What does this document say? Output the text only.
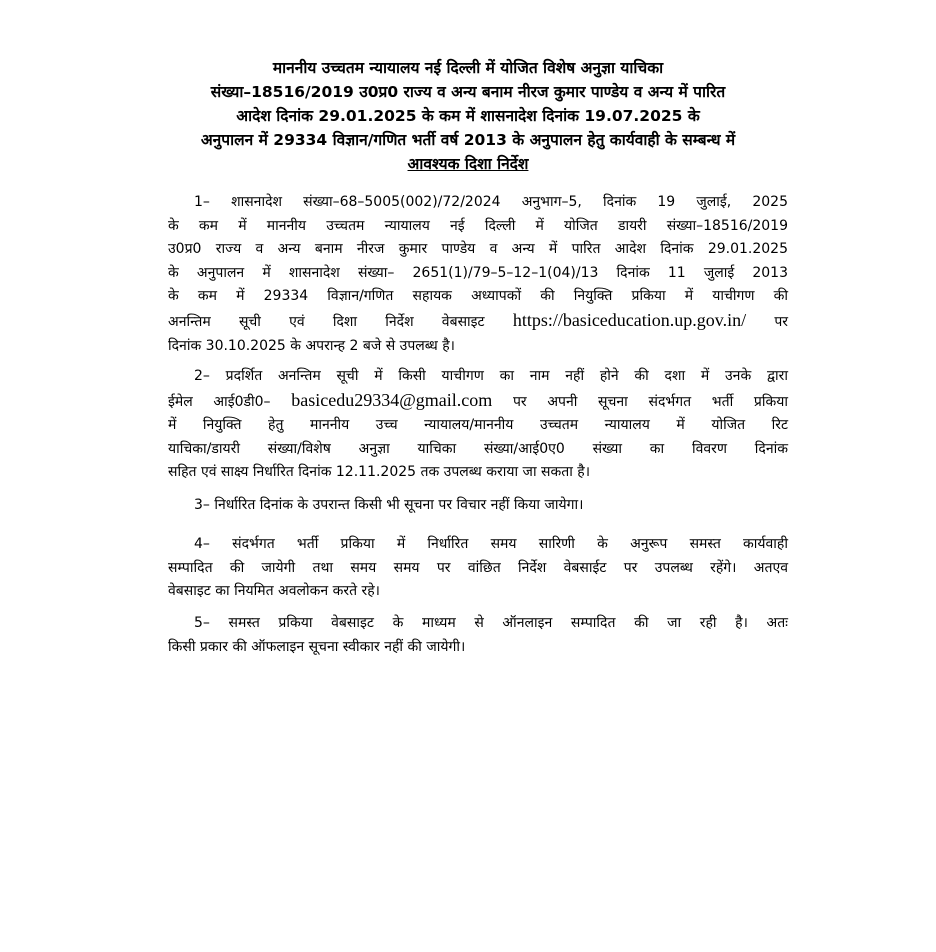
माननीय उच्चतम न्यायालय नई दिल्ली में योजित विशेष अनुज्ञा याचिका
संख्या–18516/2019 उ0प्र0 राज्य व अन्य बनाम नीरज कुमार पाण्डेय व अन्य में पारित
आदेश दिनांक 29.01.2025 के कम में शासनादेश दिनांक 19.07.2025 के
अनुपालन में 29334 विज्ञान/गणित भर्ती वर्ष 2013 के अनुपालन हेतु कार्यवाही के सम्बन्ध में
आवश्यक दिशा निर्देश
1– शासनादेश संख्या–68–5005(002)/72/2024 अनुभाग–5, दिनांक 19 जुलाई, 2025
के कम में माननीय उच्चतम न्यायालय नई दिल्ली में योजित डायरी संख्या–18516/2019
उ0प्र0 राज्य व अन्य बनाम नीरज कुमार पाण्डेय व अन्य में पारित आदेश दिनांक 29.01.2025
के अनुपालन में शासनादेश संख्या– 2651(1)/79–5–12–1(04)/13 दिनांक 11 जुलाई 2013
के कम में 29334 विज्ञान/गणित सहायक अध्यापकों की नियुक्ति प्रकिया में याचीगण की
अनन्तिम सूची एवं दिशा निर्देश वेबसाइट https://basiceducation.up.gov.in/ पर
दिनांक 30.10.2025 के अपरान्ह 2 बजे से उपलब्ध है।
2– प्रदर्शित अनन्तिम सूची में किसी याचीगण का नाम नहीं होने की दशा में उनके द्वारा
ईमेल आई0डी0– basicedu29334@gmail.com पर अपनी सूचना संदर्भगत भर्ती प्रकिया
में नियुक्ति हेतु माननीय उच्च न्यायालय/माननीय उच्चतम न्यायालय में योजित रिट
याचिका/डायरी संख्या/विशेष अनुज्ञा याचिका संख्या/आई0ए0 संख्या का विवरण दिनांक
सहित एवं साक्ष्य निर्धारित दिनांक 12.11.2025 तक उपलब्ध कराया जा सकता है।
3– निर्धारित दिनांक के उपरान्त किसी भी सूचना पर विचार नहीं किया जायेगा।
4– संदर्भगत भर्ती प्रकिया में निर्धारित समय सारिणी के अनुरूप समस्त कार्यवाही
सम्पादित की जायेगी तथा समय समय पर वांछित निर्देश वेबसाईट पर उपलब्ध रहेंगे। अतएव
वेबसाइट का नियमित अवलोकन करते रहे।
5– समस्त प्रकिया वेबसाइट के माध्यम से ऑनलाइन सम्पादित की जा रही है। अतः
किसी प्रकार की ऑफलाइन सूचना स्वीकार नहीं की जायेगी।
